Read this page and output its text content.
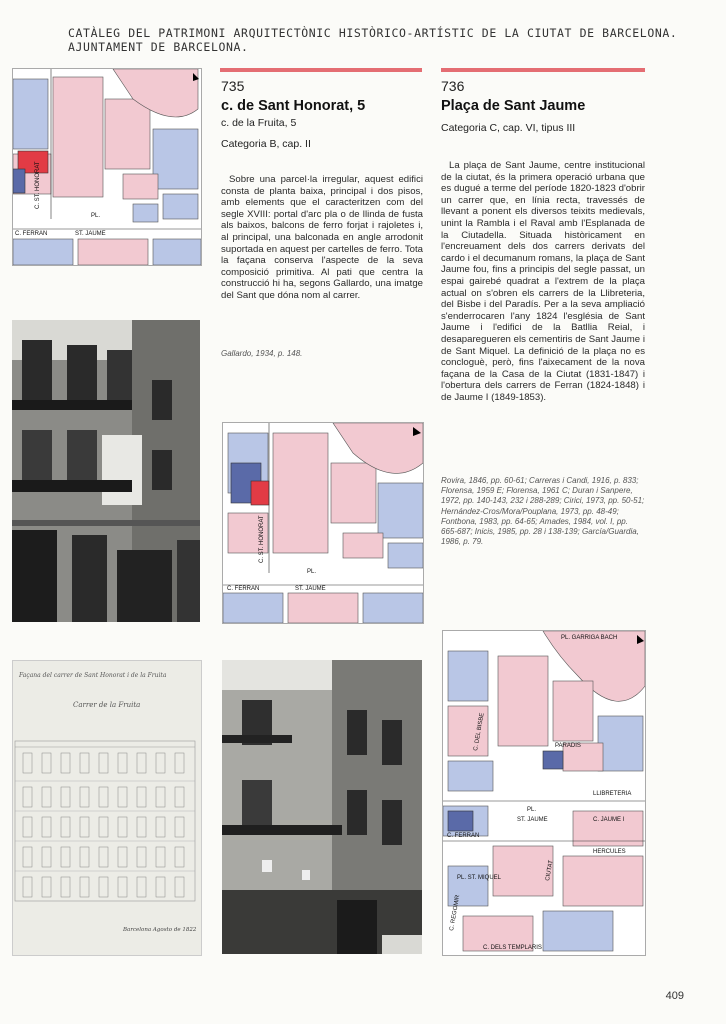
CATÀLEG DEL PATRIMONI ARQUITECTÒNIC HISTÒRICO-ARTÍSTIC DE LA CIUTAT DE BARCELONA.
AJUNTAMENT DE BARCELONA.
C. ST. HONORAT
PL.
C. FERRAN	ST. JAUME
Façana del carrer de Sant Honorat i de la Fruita
Carrer de la Fruita
Barcelona Agosto de 1822
735
c. de Sant Honorat, 5
c. de la Fruita, 5
Categoria B, cap. II

Sobre una parcel·la irregular, aquest edifici consta de planta baixa, principal i dos pisos, amb elements que el caracteritzen com del segle XVIII: portal d'arc pla o de llinda de fusta als baixos, balcons de ferro forjat i rajoletes i, al principal, una balconada en angle arrodonit suportada en aquest per cartelles de ferro. Tota la façana conserva l'aspecte de la seva composició primitiva. Al pati que centra la construcció hi ha, segons Gallardo, una imatge del Sant que dóna nom al carrer.

Gallardo, 1934, p. 148.
C. ST. HONORAT
PL.
C. FERRAN	ST. JAUME
736
Plaça de Sant Jaume
Categoria C, cap. VI, tipus III

La plaça de Sant Jaume, centre institucional de la ciutat, és la primera operació urbana que es dugué a terme del període 1820-1823 d'obrir un carrer que, en línia recta, travessés de llevant a ponent els diversos teixits medievals, unint la Rambla i el Raval amb l'Esplanada de la Ciutadella. Situada històricament en l'encreuament dels dos carrers derivats del cardo i el decumanum romans, la plaça de Sant Jaume fou, fins a principis del segle passat, un espai gairebé quadrat a l'extrem de la plaça actual on s'obren els carrers de la Llibreteria, del Bisbe i del Paradís. Per a la seva ampliació s'enderrocaren l'any 1824 l'església de Sant Jaume i l'edifici de la Batllia Reial, i desaparegueren els cementiris de Sant Jaume i de Sant Miquel. La definició de la plaça no es concloguè, però, fins l'aixecament de la nova façana de la Casa de la Ciutat (1831-1847) i l'obertura dels carrers de Ferran (1824-1848) i de Jaume I (1849-1853).

Rovira, 1846, pp. 60-61; Carreras i Candi, 1916, p. 833; Florensa, 1959 E; Florensa, 1961 C; Duran i Sanpere, 1972, pp. 140-143, 232 i 288-289; Cirici, 1973, pp. 50-51; Hernández-Cros/Mora/Pouplana, 1973, pp. 48-49; Fontbona, 1983, pp. 64-65; Amades, 1984, vol. I, pp. 665-687; Inicis, 1985, pp. 28 i 138-139; García/Guardia, 1986, p. 79.
PL. GARRIGA BACH
PARADIS
LLIBRETERIA
C. FERRAN
PL.
ST. JAUME	C. JAUME I
PL. ST. MIQUEL
HERCULES
C. DELS TEMPLARIS
C. DEL BISBE
CIUTAT
C. REGOMIR
409
